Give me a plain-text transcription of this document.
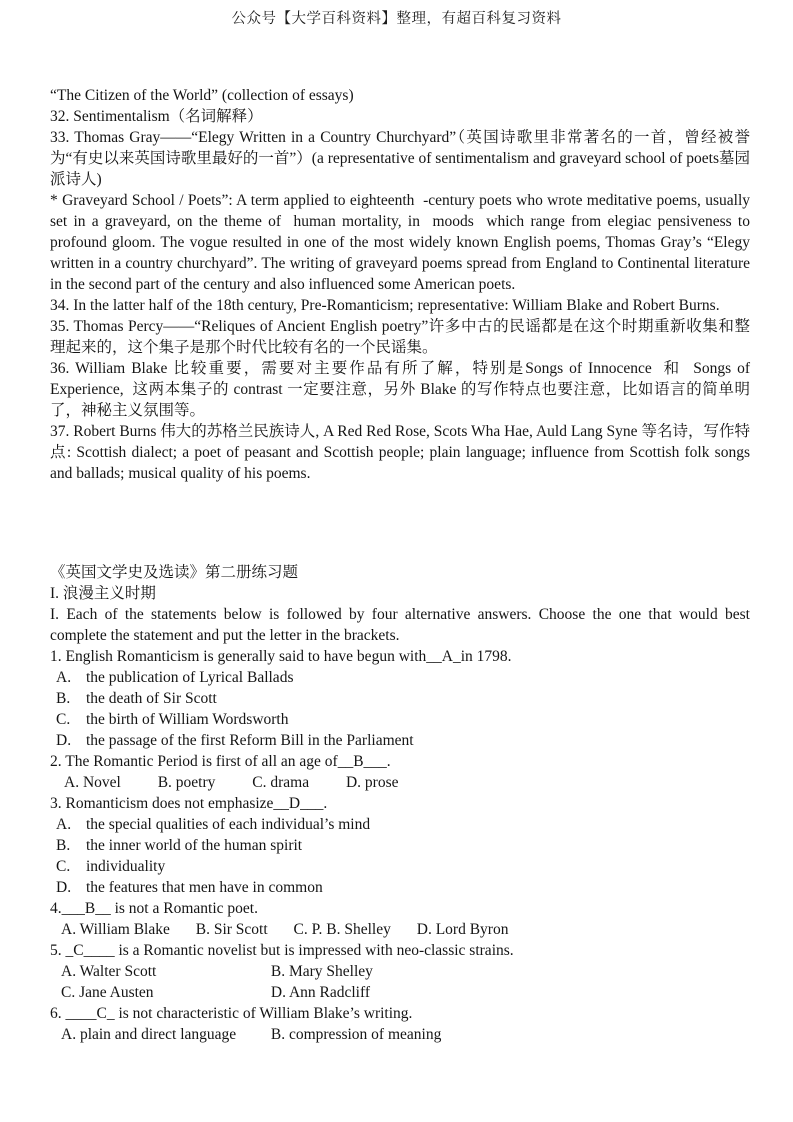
公众号【大学百科资料】整理，有超百科复习资料

“The Citizen of the World” (collection of essays)

32. Sentimentalism（名词解释）

33. Thomas Gray——“Elegy Written in a Country Churchyard”（英国诗歌里非常著名的一首，曾经被誉为“有史以来英国诗歌里最好的一首”）(a representative of sentimentalism and graveyard school of poets墓园派诗人)

* Graveyard School / Poets”: A term applied to eighteenth  -century poets who wrote meditative poems, usually set in a graveyard, on the theme of  human mortality, in  moods  which range from elegiac pensiveness to profound gloom. The vogue resulted in one of the most widely known English poems, Thomas Gray’s “Elegy written in a country churchyard”. The writing of graveyard poems spread from England to Continental literature in the second part of the century and also influenced some American poets.

34. In the latter half of the 18th century, Pre-Romanticism; representative: William Blake and Robert Burns.

35. Thomas Percy——“Reliques of Ancient English poetry”许多中古的民谣都是在这个时期重新收集和整理起来的，这个集子是那个时代比较有名的一个民谣集。

36. William Blake 比较重要，需要对主要作品有所了解，特别是Songs of Innocence  和  Songs of Experience,  这两本集子的 contrast 一定要注意，另外 Blake 的写作特点也要注意，比如语言的简单明了，神秘主义氛围等。

37. Robert Burns 伟大的苏格兰民族诗人, A Red Red Rose, Scots Wha Hae, Auld Lang Syne 等名诗，写作特点: Scottish dialect; a poet of peasant and Scottish people; plain language; influence from Scottish folk songs and ballads; musical quality of his poems.

《英国文学史及选读》第二册练习题

I. 浪漫主义时期

I. Each of the statements below is followed by four alternative answers. Choose the one that would best complete the statement and put the letter in the brackets.

1. English Romanticism is generally said to have begun with__A_in 1798.

A. the publication of Lyrical Ballads
B.	the death of Sir Scott
C.	the birth of William Wordsworth
D. the passage of the first Reform Bill in the Parliament

2. The Romantic Period is first of all an age of__B___.

A. Novel B. poetry C. drama D. prose

3. Romanticism does not emphasize__D___.

A. the special qualities of each individual’s mind
B.	the inner world of the human spirit
C.	individuality
D. the features that men have in common

4.___B__ is not a Romantic poet.

A. William Blake B. Sir Scott C. P. B. Shelley D. Lord Byron

5. _C____ is a Romantic novelist but is impressed with neo-classic strains.

A. Walter Scott	B. Mary Shelley
C. Jane Austen	D. Ann Radcliff

6. ____C_ is not characteristic of William Blake’s writing.

A. plain and direct language B. compression of meaning
